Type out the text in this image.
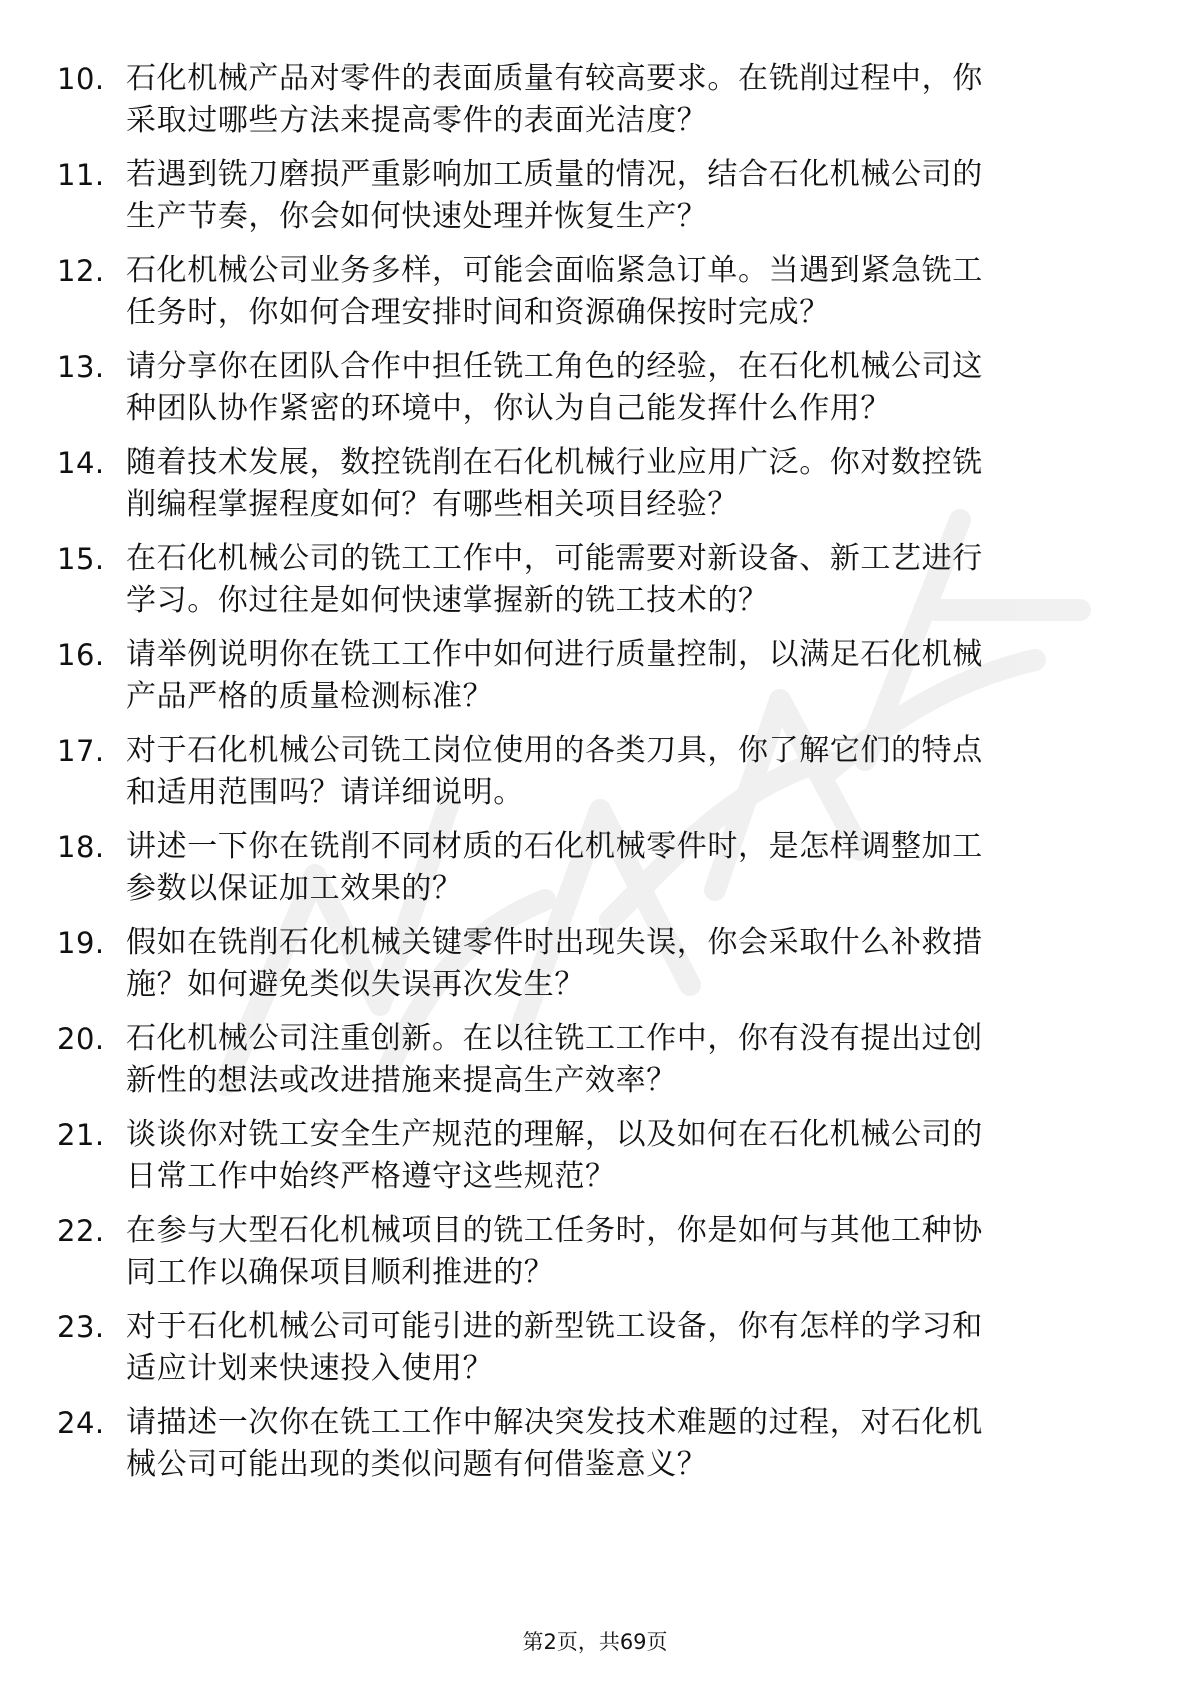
10. 石化机械产品对零件的表面质量有较高要求。在铣削过程中，你
采取过哪些方法来提高零件的表面光洁度？
11. 若遇到铣刀磨损严重影响加工质量的情况，结合石化机械公司的
生产节奏，你会如何快速处理并恢复生产？
12. 石化机械公司业务多样，可能会面临紧急订单。当遇到紧急铣工
任务时，你如何合理安排时间和资源确保按时完成？
13. 请分享你在团队合作中担任铣工角色的经验，在石化机械公司这
种团队协作紧密的环境中，你认为自己能发挥什么作用？
14. 随着技术发展，数控铣削在石化机械行业应用广泛。你对数控铣
削编程掌握程度如何？有哪些相关项目经验？
15. 在石化机械公司的铣工工作中，可能需要对新设备、新工艺进行
学习。你过往是如何快速掌握新的铣工技术的？
16. 请举例说明你在铣工工作中如何进行质量控制，以满足石化机械
产品严格的质量检测标准？
17. 对于石化机械公司铣工岗位使用的各类刀具，你了解它们的特点
和适用范围吗？请详细说明。
18. 讲述一下你在铣削不同材质的石化机械零件时，是怎样调整加工
参数以保证加工效果的？
19. 假如在铣削石化机械关键零件时出现失误，你会采取什么补救措
施？如何避免类似失误再次发生？
20. 石化机械公司注重创新。在以往铣工工作中，你有没有提出过创
新性的想法或改进措施来提高生产效率？
21. 谈谈你对铣工安全生产规范的理解，以及如何在石化机械公司的
日常工作中始终严格遵守这些规范？
22. 在参与大型石化机械项目的铣工任务时，你是如何与其他工种协
同工作以确保项目顺利推进的？
23. 对于石化机械公司可能引进的新型铣工设备，你有怎样的学习和
适应计划来快速投入使用？
24. 请描述一次你在铣工工作中解决突发技术难题的过程，对石化机
械公司可能出现的类似问题有何借鉴意义？
第2页，共69页
